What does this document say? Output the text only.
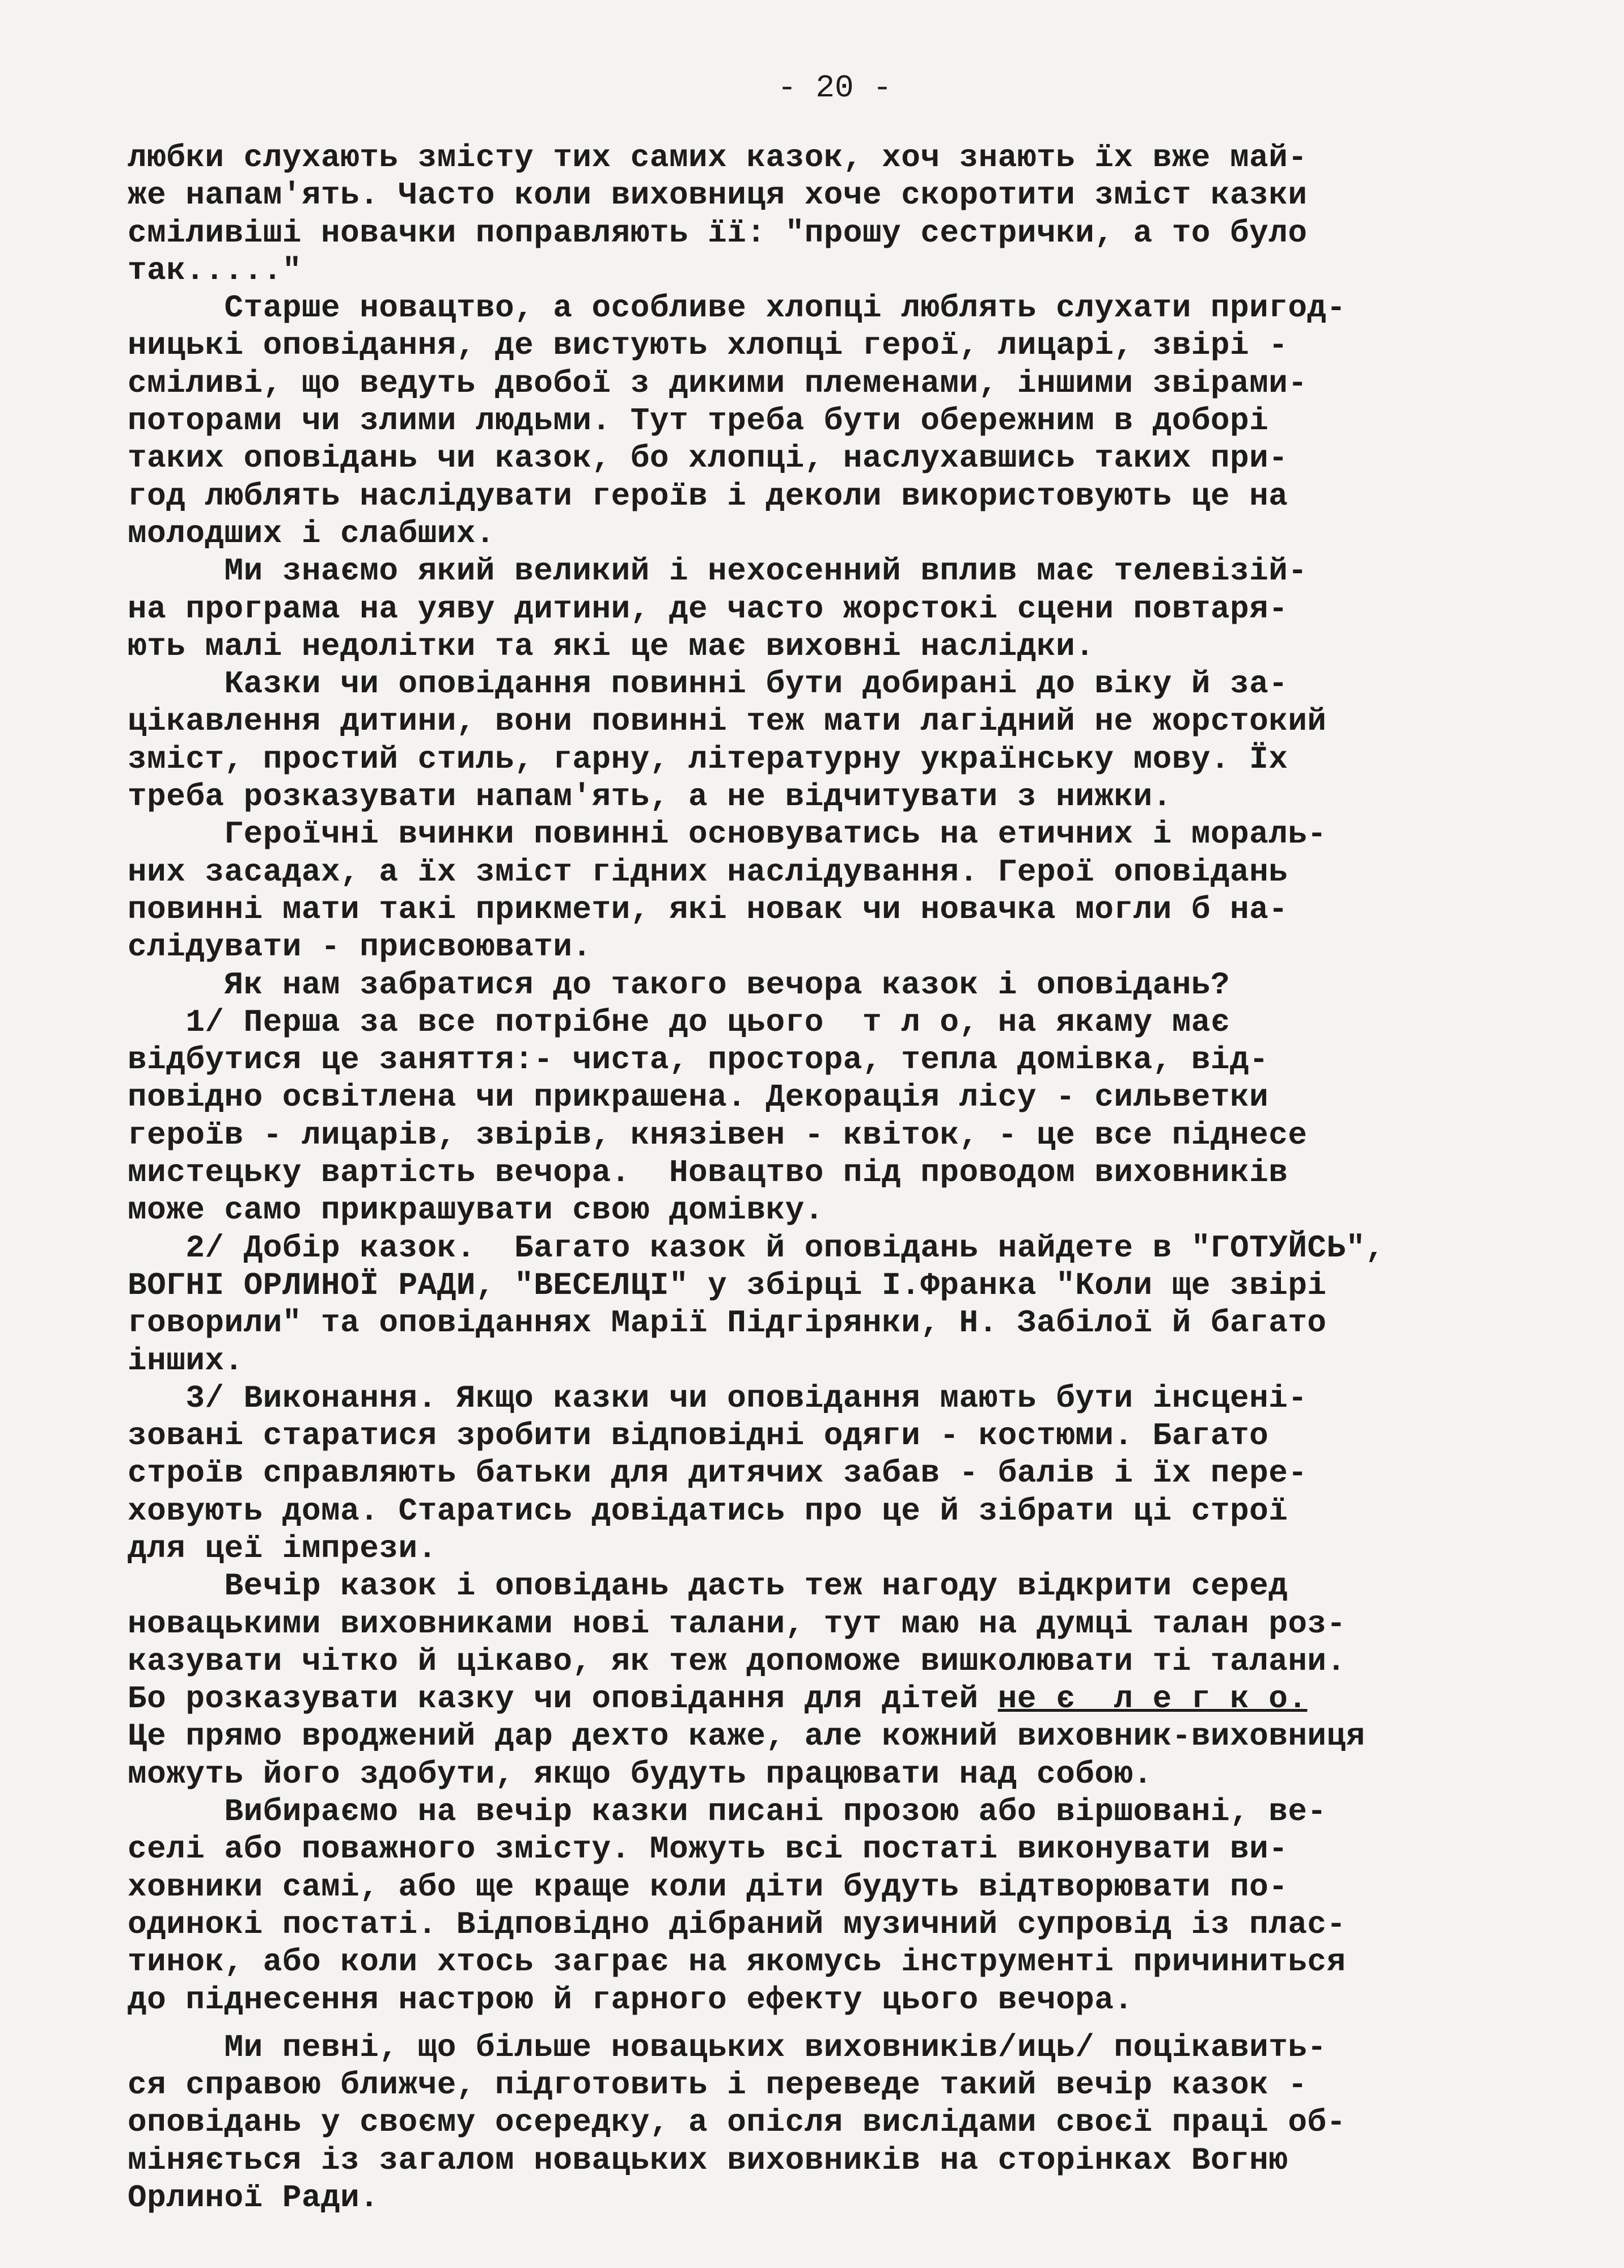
- 20 -
любки слухають змісту тих самих казок, хоч знають їх вже май-
же напам'ять. Часто коли виховниця хоче скоротити зміст казки
сміливіші новачки поправляють її: "прошу сестрички, а то було
так....."
Старше новацтво, а особливе хлопці люблять слухати пригод-
ницькі оповідання, де вистують хлопці герої, лицарі, звірі -
сміливі, що ведуть двобої з дикими племенами, іншими звірами-
поторами чи злими людьми. Тут треба бути обережним в доборі
таких оповідань чи казок, бо хлопці, наслухавшись таких при-
год люблять наслідувати героїв і деколи використовують це на
молодших і слабших.
Ми знаємо який великий і нехосенний вплив має телевізій-
на програма на уяву дитини, де часто жорстокі сцени повтаря-
ють малі недолітки та які це має виховні наслідки.
Казки чи оповідання повинні бути добирані до віку й за-
цікавлення дитини, вони повинні теж мати лагідний не жорстокий
зміст, простий стиль, гарну, літературну українську мову. Їх
треба розказувати напам'ять, а не відчитувати з нижки.
Героїчні вчинки повинні основуватись на етичних і мораль-
них засадах, а їх зміст гідних наслідування. Герої оповідань
повинні мати такі прикмети, які новак чи новачка могли б на-
слідувати - присвоювати.
Як нам забратися до такого вечора казок і оповідань?
1/ Перша за все потрібне до цього  т л о, на якаму має
відбутися це заняття:- чиста, простора, тепла домівка, від-
повідно освітлена чи прикрашена. Декорація лісу - сильветки
героїв - лицарів, звірів, князівен - квіток, - це все піднесе
мистецьку вартість вечора.  Новацтво під проводом виховників
може само прикрашувати свою домівку.
2/ Добір казок.  Багато казок й оповідань найдете в "ГОТУЙСЬ",
ВОГНІ ОРЛИНОЇ РАДИ, "ВЕСЕЛЦІ" у збірці І.Франка "Коли ще звірі
говорили" та оповіданнях Марії Підгірянки, Н. Забілої й багато
інших.
3/ Виконання. Якщо казки чи оповідання мають бути інсцені-
зовані старатися зробити відповідні одяги - костюми. Багато
строїв справляють батьки для дитячих забав - балів і їх пере-
ховують дома. Старатись довідатись про це й зібрати ці строї
для цеї імпрези.
Вечір казок і оповідань дасть теж нагоду відкрити серед
новацькими виховниками нові талани, тут маю на думці талан роз-
казувати чітко й цікаво, як теж допоможе вишколювати ті талани.
Бо розказувати казку чи оповідання для дітей не є  л е г к о.
Це прямо вроджений дар дехто каже, але кожний виховник-виховниця
можуть його здобути, якщо будуть працювати над собою.
Вибираємо на вечір казки писані прозою або віршовані, ве-
селі або поважного змісту. Можуть всі постаті виконувати ви-
ховники самі, або ще краще коли діти будуть відтворювати по-
одинокі постаті. Відповідно дібраний музичний супровід із плас-
тинок, або коли хтось заграє на якомусь інструменті причиниться
до піднесення настрою й гарного ефекту цього вечора.
Ми певні, що більше новацьких виховників/иць/ поцікавить-
ся справою ближче, підготовить і переведе такий вечір казок -
оповідань у своєму осередку, а опісля вислідами своєї праці об-
міняється із загалом новацьких виховників на сторінках Вогню
Орлиної Ради.
